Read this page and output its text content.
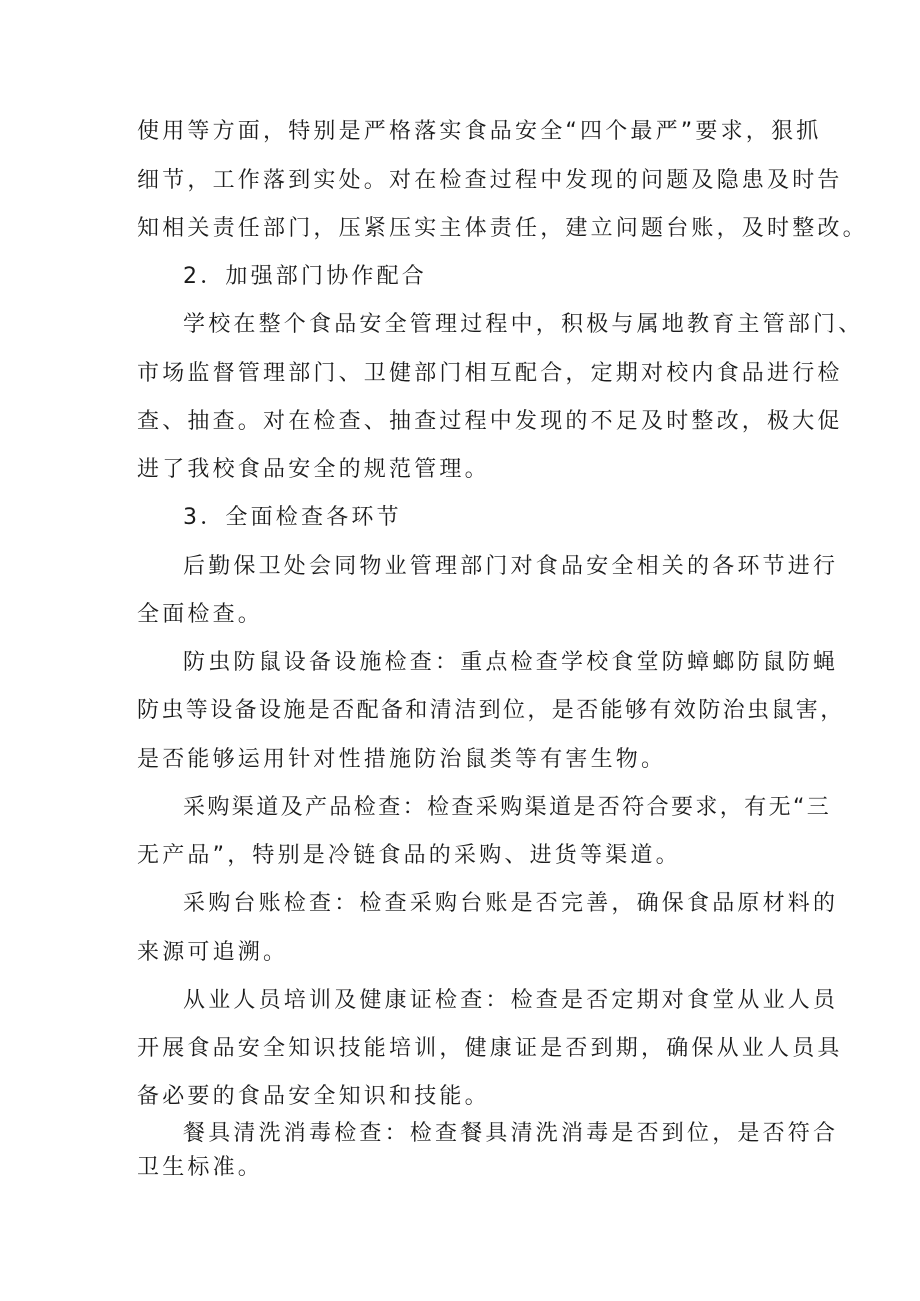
使用等方面，特别是严格落实食品安全“四个最严”要求，狠抓

细节，工作落到实处。对在检查过程中发现的问题及隐患及时告

知相关责任部门，压紧压实主体责任，建立问题台账，及时整改。

2．加强部门协作配合

学校在整个食品安全管理过程中，积极与属地教育主管部门、

市场监督管理部门、卫健部门相互配合，定期对校内食品进行检

查、抽查。对在检查、抽查过程中发现的不足及时整改，极大促

进了我校食品安全的规范管理。

3．全面检查各环节

后勤保卫处会同物业管理部门对食品安全相关的各环节进行

全面检查。

防虫防鼠设备设施检查：重点检查学校食堂防蟑螂防鼠防蝇

防虫等设备设施是否配备和清洁到位，是否能够有效防治虫鼠害，

是否能够运用针对性措施防治鼠类等有害生物。

采购渠道及产品检查：检查采购渠道是否符合要求，有无“三

无产品”，特别是冷链食品的采购、进货等渠道。

采购台账检查：检查采购台账是否完善，确保食品原材料的

来源可追溯。

从业人员培训及健康证检查：检查是否定期对食堂从业人员

开展食品安全知识技能培训，健康证是否到期，确保从业人员具

备必要的食品安全知识和技能。

餐具清洗消毒检查：检查餐具清洗消毒是否到位，是否符合

卫生标准。
